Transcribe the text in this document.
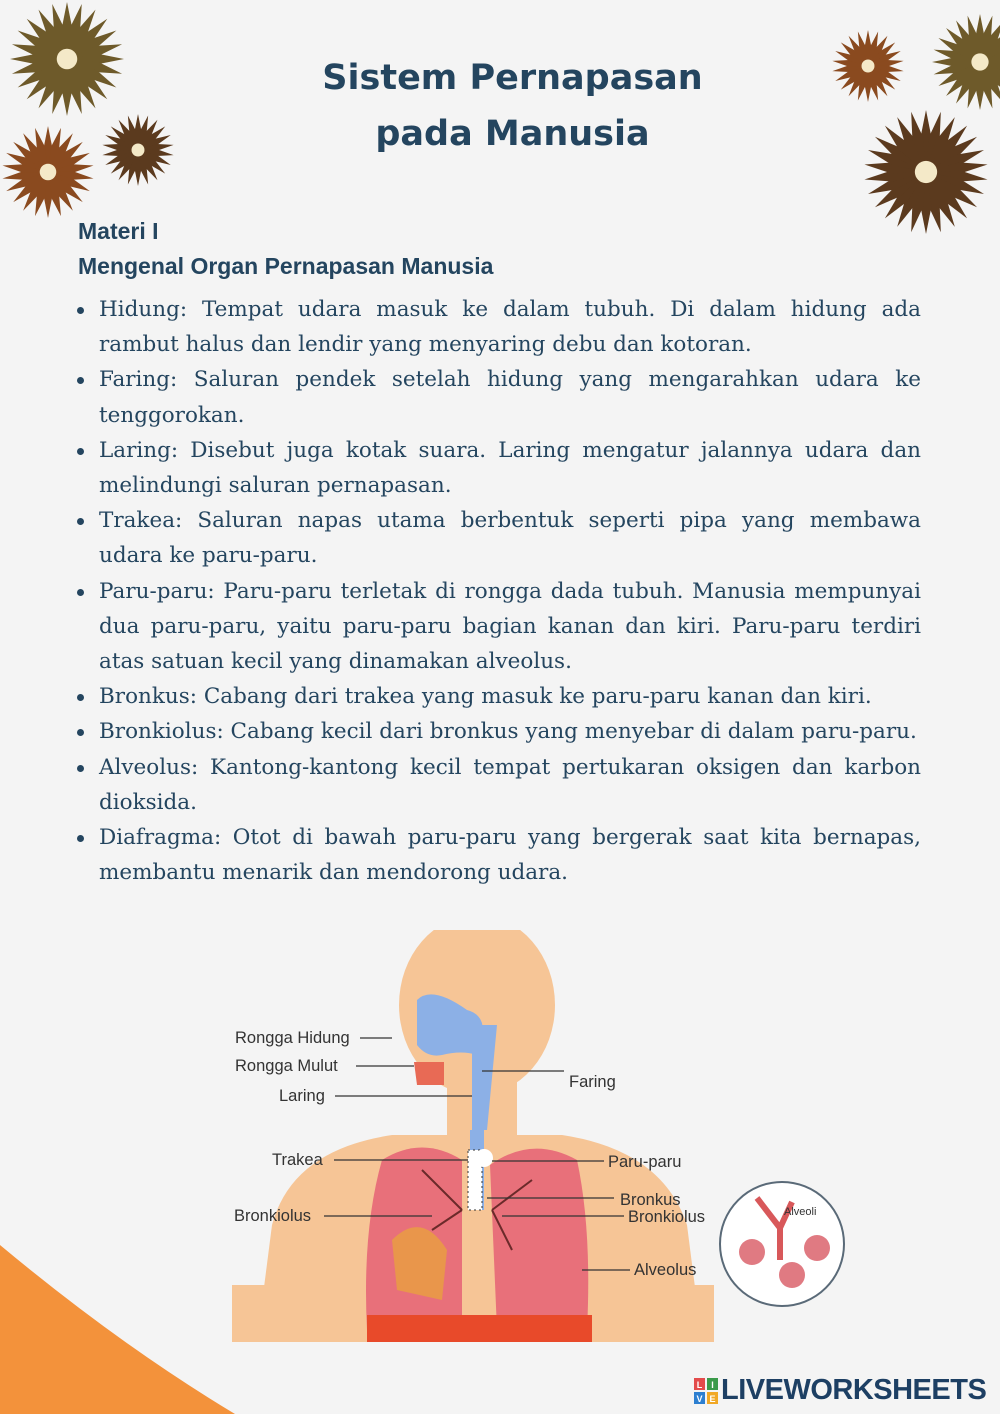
Sistem Pernapasan
pada Manusia
Materi I
Mengenal Organ Pernapasan Manusia
Hidung: Tempat udara masuk ke dalam tubuh. Di dalam hidung ada rambut halus dan lendir yang menyaring debu dan kotoran.
Faring: Saluran pendek setelah hidung yang mengarahkan udara ke tenggorokan.
Laring: Disebut juga kotak suara. Laring mengatur jalannya udara dan melindungi saluran pernapasan.
Trakea: Saluran napas utama berbentuk seperti pipa yang membawa udara ke paru-paru.
Paru-paru: Paru-paru terletak di rongga dada tubuh. Manusia mempunyai dua paru-paru, yaitu paru-paru bagian kanan dan kiri. Paru-paru terdiri atas satuan kecil yang dinamakan alveolus.
Bronkus: Cabang dari trakea yang masuk ke paru-paru kanan dan kiri.
Bronkiolus: Cabang kecil dari bronkus yang menyebar di dalam paru-paru.
Alveolus: Kantong-kantong kecil tempat pertukaran oksigen dan karbon dioksida.
Diafragma: Otot di bawah paru-paru yang bergerak saat kita bernapas, membantu menarik dan mendorong udara.
Rongga Hidung
Rongga Mulut
Laring
Trakea
Bronkiolus
Faring
Paru-paru
Bronkus
Bronkiolus
Alveolus
Alveoli
L I
V E LIVEWORKSHEETS
